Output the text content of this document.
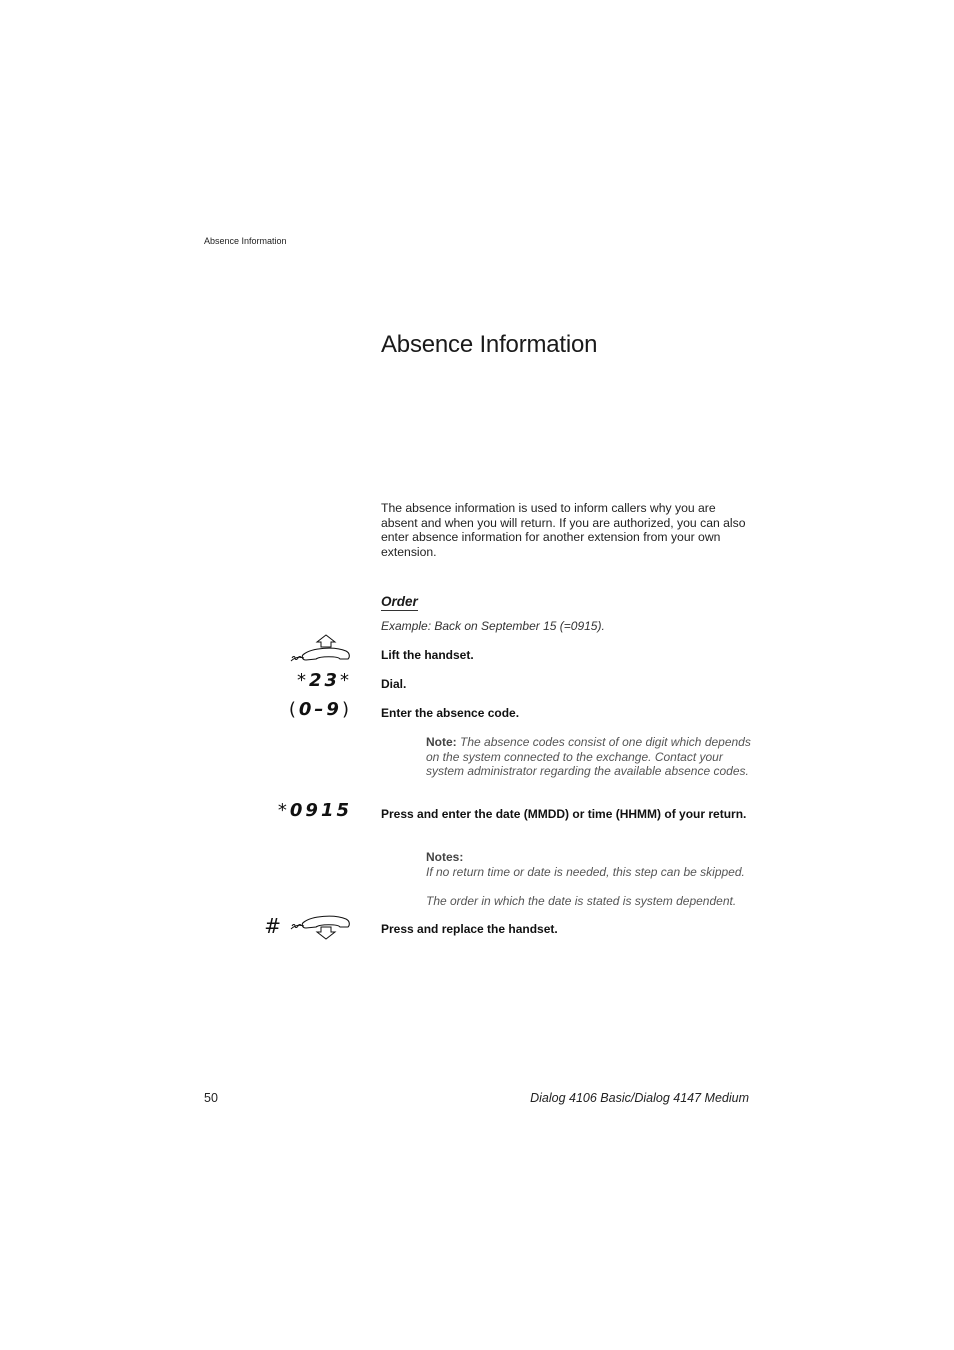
Absence Information
Absence Information

The absence information is used to inform callers why you are absent and when you will return. If you are authorized, you can also enter absence information for another extension from your own extension.

Order
Example: Back on September 15 (=0915).
Lift the handset.
*23* Dial.
(0–9) Enter the absence code.
Note: The absence codes consist of one digit which depends on the system connected to the exchange. Contact your system administrator regarding the available absence codes.
*0915 Press and enter the date (MMDD) or time (HHMM) of your return.
Notes:
If no return time or date is needed, this step can be skipped.
The order in which the date is stated is system dependent.
#	Press and replace the handset.
50	Dialog 4106 Basic/Dialog 4147 Medium
